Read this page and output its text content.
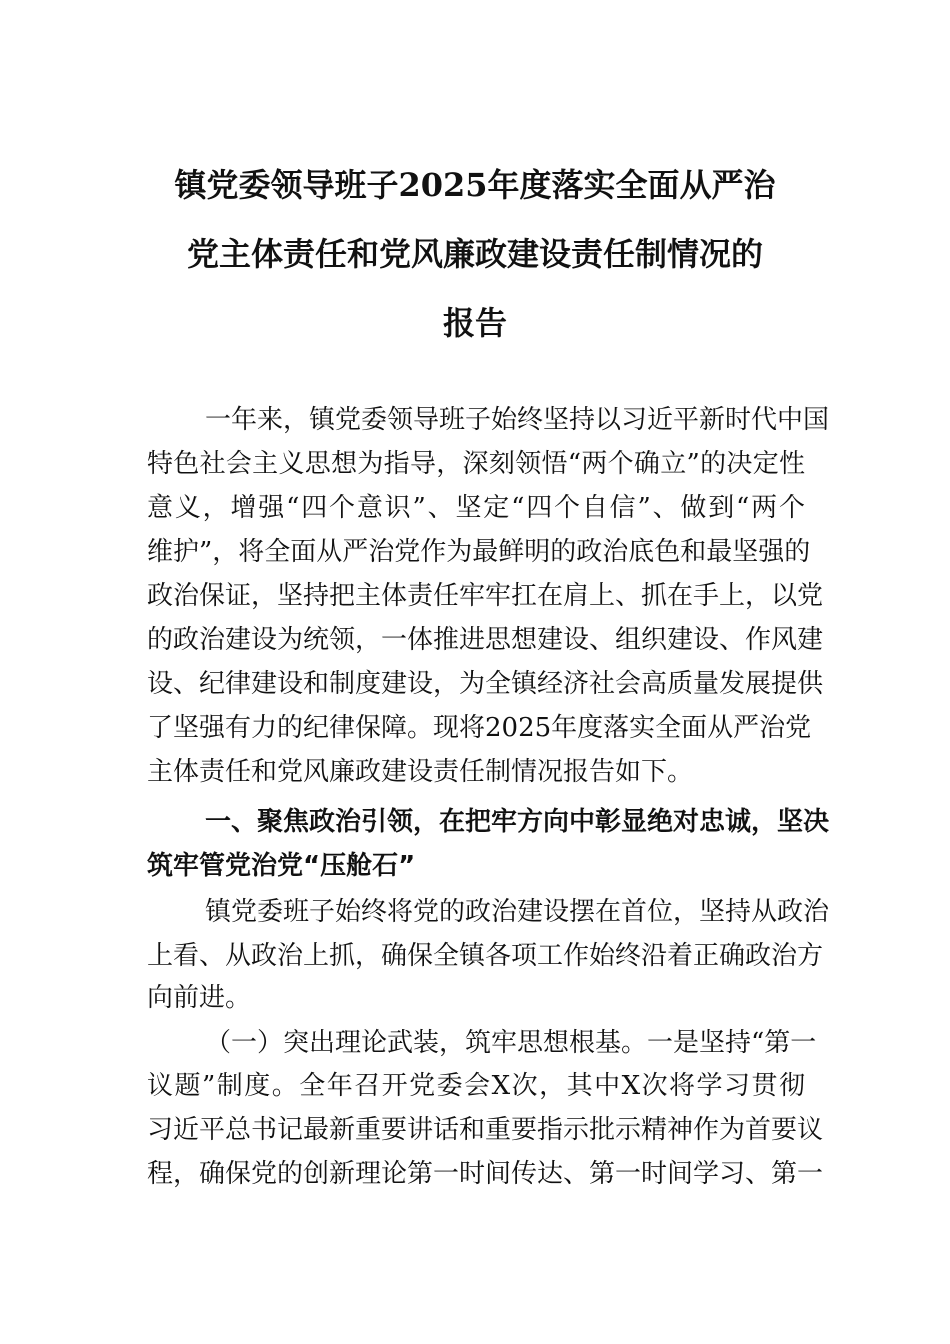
镇党委领导班子2025年度落实全面从严治
党主体责任和党风廉政建设责任制情况的
报告
一年来，镇党委领导班子始终坚持以习近平新时代中国
特色社会主义思想为指导，深刻领悟“两个确立”的决定性
意义，增强“四个意识”、坚定“四个自信”、做到“两个
维护”，将全面从严治党作为最鲜明的政治底色和最坚强的
政治保证，坚持把主体责任牢牢扛在肩上、抓在手上，以党
的政治建设为统领，一体推进思想建设、组织建设、作风建
设、纪律建设和制度建设，为全镇经济社会高质量发展提供
了坚强有力的纪律保障。现将2025年度落实全面从严治党
主体责任和党风廉政建设责任制情况报告如下。
一、聚焦政治引领，在把牢方向中彰显绝对忠诚，坚决
筑牢管党治党“压舱石”
镇党委班子始终将党的政治建设摆在首位，坚持从政治
上看、从政治上抓，确保全镇各项工作始终沿着正确政治方
向前进。
（一）突出理论武装，筑牢思想根基。一是坚持“第一
议题”制度。全年召开党委会X次，其中X次将学习贯彻
习近平总书记最新重要讲话和重要指示批示精神作为首要议
程，确保党的创新理论第一时间传达、第一时间学习、第一
